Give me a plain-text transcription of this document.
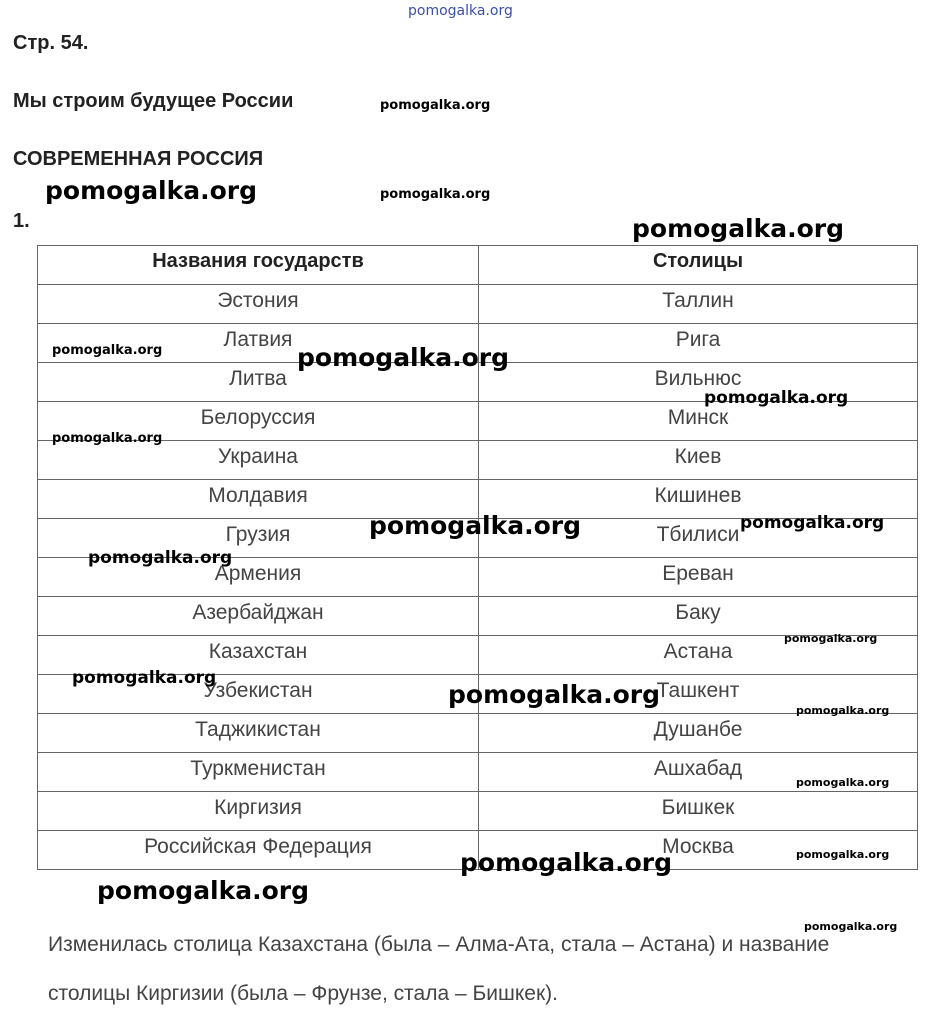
pomogalka.org
Стр. 54.
Мы строим будущее России
СОВРЕМЕННАЯ РОССИЯ
1.
Названия государств	Столицы
Эстония	Таллин
Латвия	Рига
Литва	Вильнюс
Белоруссия	Минск
Украина	Киев
Молдавия	Кишинев
Грузия	Тбилиси
Армения	Ереван
Азербайджан	Баку
Казахстан	Астана
Узбекистан	Ташкент
Таджикистан	Душанбе
Туркменистан	Ашхабад
Киргизия	Бишкек
Российская Федерация	Москва
Изменилась столица Казахстана (была – Алма-Ата, стала – Астана) и название
столицы Киргизии (была – Фрунзе, стала – Бишкек).
pomogalka.org
pomogalka.org	pomogalka.org
pomogalka.org
pomogalka.org	pomogalka.org
pomogalka.org
pomogalka.org
pomogalka.org	pomogalka.org
pomogalka.org
pomogalka.org
pomogalka.org
pomogalka.org
pomogalka.org
pomogalka.org
pomogalka.org
pomogalka.org
pomogalka.org
pomogalka.org
